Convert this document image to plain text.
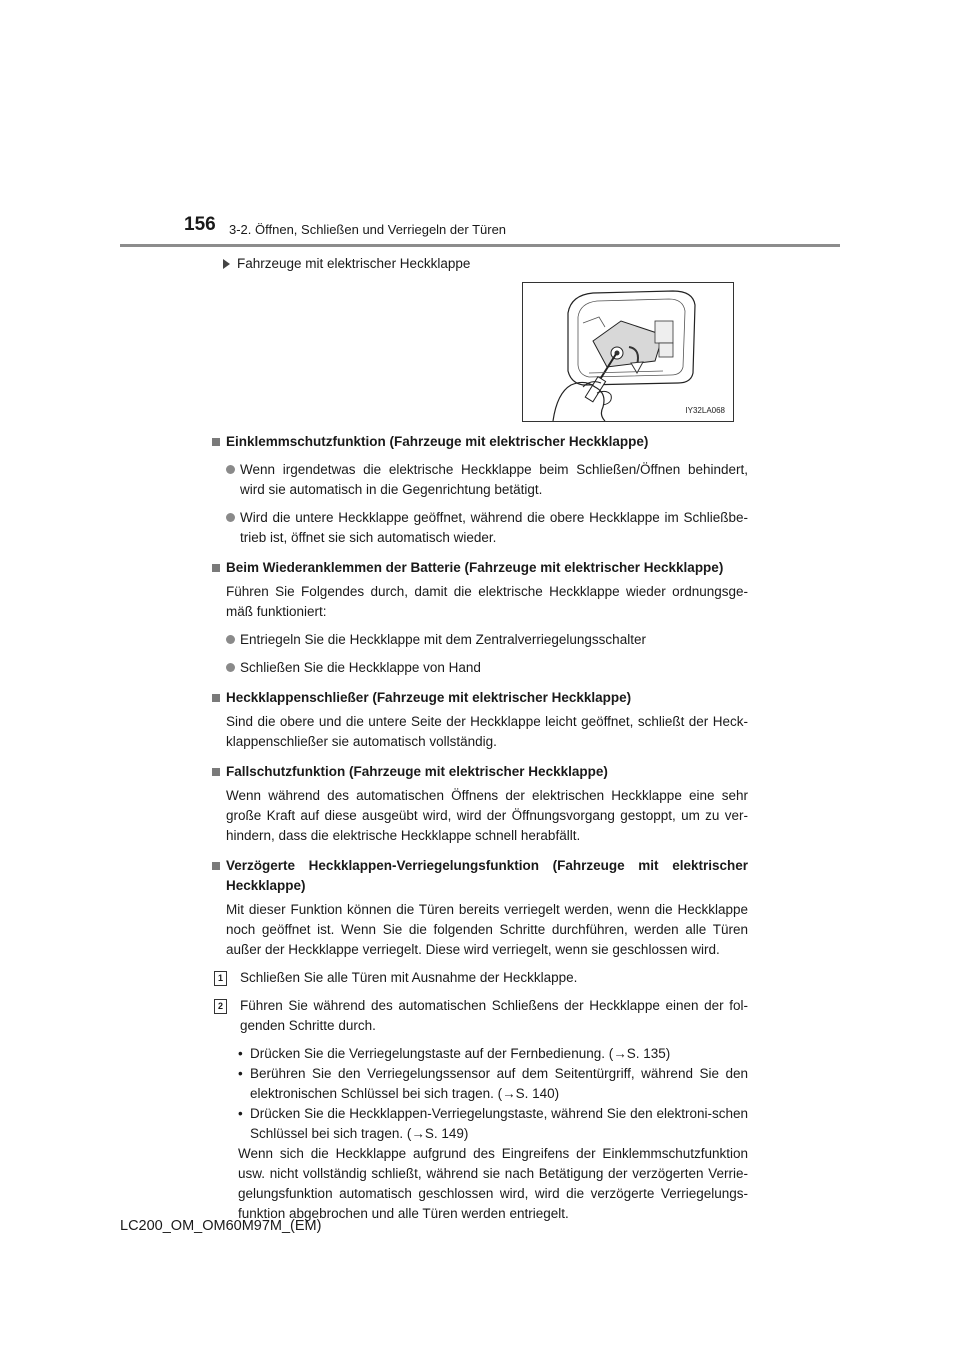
156 3-2. Öffnen, Schließen und Verriegeln der Türen
Fahrzeuge mit elektrischer Heckklappe
IY32LA068
Einklemmschutzfunktion (Fahrzeuge mit elektrischer Heckklappe)
Wenn irgendetwas die elektrische Heckklappe beim Schließen/Öffnen behindert, wird sie automatisch in die Gegenrichtung betätigt.
Wird die untere Heckklappe geöffnet, während die obere Heckklappe im Schließbe-trieb ist, öffnet sie sich automatisch wieder.
Beim Wiederanklemmen der Batterie (Fahrzeuge mit elektrischer Heckklappe)
Führen Sie Folgendes durch, damit die elektrische Heckklappe wieder ordnungsge-mäß funktioniert:
Entriegeln Sie die Heckklappe mit dem Zentralverriegelungsschalter
Schließen Sie die Heckklappe von Hand
Heckklappenschließer (Fahrzeuge mit elektrischer Heckklappe)
Sind die obere und die untere Seite der Heckklappe leicht geöffnet, schließt der Heck-klappenschließer sie automatisch vollständig.
Fallschutzfunktion (Fahrzeuge mit elektrischer Heckklappe)
Wenn während des automatischen Öffnens der elektrischen Heckklappe eine sehr große Kraft auf diese ausgeübt wird, wird der Öffnungsvorgang gestoppt, um zu ver-hindern, dass die elektrische Heckklappe schnell herabfällt.
Verzögerte Heckklappen-Verriegelungsfunktion (Fahrzeuge mit elektrischer Heckklappe)
Mit dieser Funktion können die Türen bereits verriegelt werden, wenn die Heckklappe noch geöffnet ist. Wenn Sie die folgenden Schritte durchführen, werden alle Türen außer der Heckklappe verriegelt. Diese wird verriegelt, wenn sie geschlossen wird.
1 Schließen Sie alle Türen mit Ausnahme der Heckklappe.
2 Führen Sie während des automatischen Schließens der Heckklappe einen der fol-genden Schritte durch.
• Drücken Sie die Verriegelungstaste auf der Fernbedienung. (→S. 135)
• Berühren Sie den Verriegelungssensor auf dem Seitentürgriff, während Sie den elektronischen Schlüssel bei sich tragen. (→S. 140)
• Drücken Sie die Heckklappen-Verriegelungstaste, während Sie den elektroni-schen Schlüssel bei sich tragen. (→S. 149)
Wenn sich die Heckklappe aufgrund des Eingreifens der Einklemmschutzfunktion usw. nicht vollständig schließt, während sie nach Betätigung der verzögerten Verrie-gelungsfunktion automatisch geschlossen wird, wird die verzögerte Verriegelungs-funktion abgebrochen und alle Türen werden entriegelt.
LC200_OM_OM60M97M_(EM)
